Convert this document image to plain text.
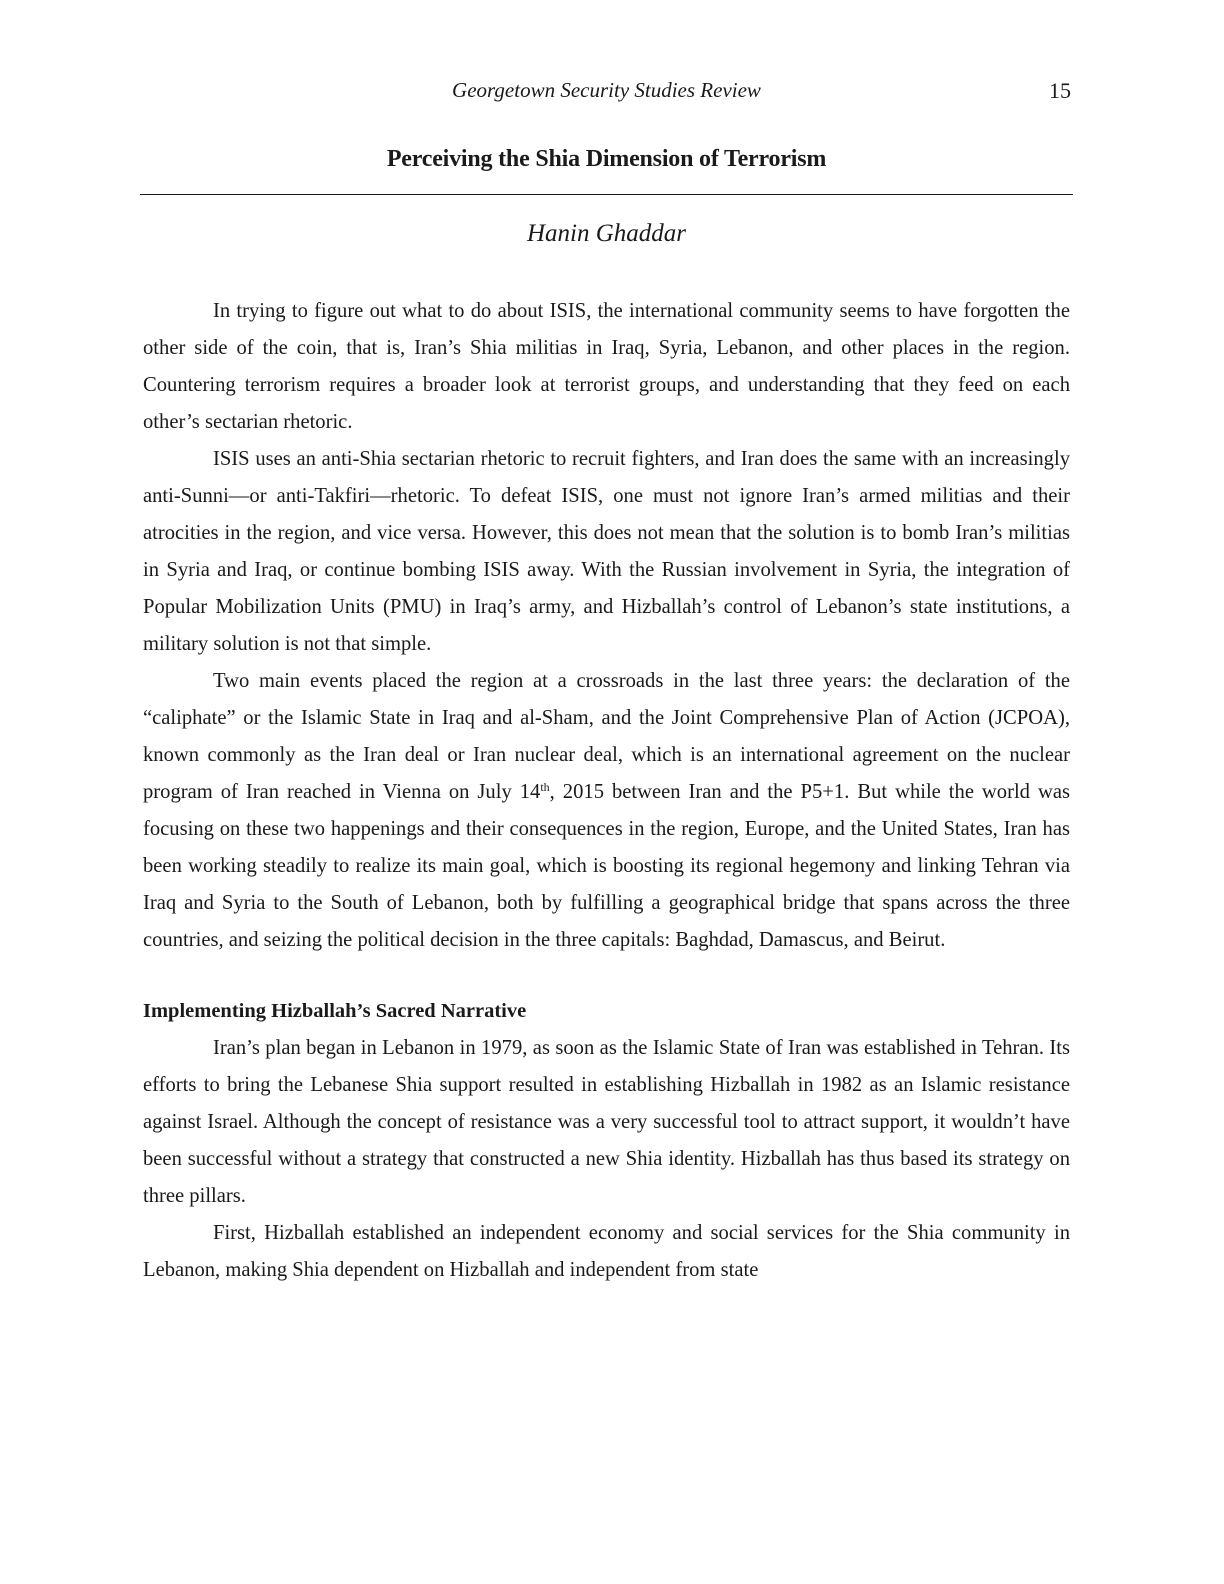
Georgetown Security Studies Review	15
Perceiving the Shia Dimension of Terrorism
Hanin Ghaddar

In trying to figure out what to do about ISIS, the international community seems to have forgotten the other side of the coin, that is, Iran’s Shia militias in Iraq, Syria, Lebanon, and other places in the region. Countering terrorism requires a broader look at terrorist groups, and understanding that they feed on each other’s sectarian rhetoric.

ISIS uses an anti-Shia sectarian rhetoric to recruit fighters, and Iran does the same with an increasingly anti-Sunni—or anti-Takfiri—rhetoric. To defeat ISIS, one must not ignore Iran’s armed militias and their atrocities in the region, and vice versa. However, this does not mean that the solution is to bomb Iran’s militias in Syria and Iraq, or continue bombing ISIS away. With the Russian involvement in Syria, the integration of Popular Mobilization Units (PMU) in Iraq’s army, and Hizballah’s control of Lebanon’s state institutions, a military solution is not that simple.

Two main events placed the region at a crossroads in the last three years: the declaration of the “caliphate” or the Islamic State in Iraq and al-Sham, and the Joint Comprehensive Plan of Action (JCPOA), known commonly as the Iran deal or Iran nuclear deal, which is an international agreement on the nuclear program of Iran reached in Vienna on July 14th, 2015 between Iran and the P5+1. But while the world was focusing on these two happenings and their consequences in the region, Europe, and the United States, Iran has been working steadily to realize its main goal, which is boosting its regional hegemony and linking Tehran via Iraq and Syria to the South of Lebanon, both by fulfilling a geographical bridge that spans across the three countries, and seizing the political decision in the three capitals: Baghdad, Damascus, and Beirut.

Implementing Hizballah’s Sacred Narrative

Iran’s plan began in Lebanon in 1979, as soon as the Islamic State of Iran was established in Tehran. Its efforts to bring the Lebanese Shia support resulted in establishing Hizballah in 1982 as an Islamic resistance against Israel. Although the concept of resistance was a very successful tool to attract support, it wouldn’t have been successful without a strategy that constructed a new Shia identity. Hizballah has thus based its strategy on three pillars.

First, Hizballah established an independent economy and social services for the Shia community in Lebanon, making Shia dependent on Hizballah and independent from state
